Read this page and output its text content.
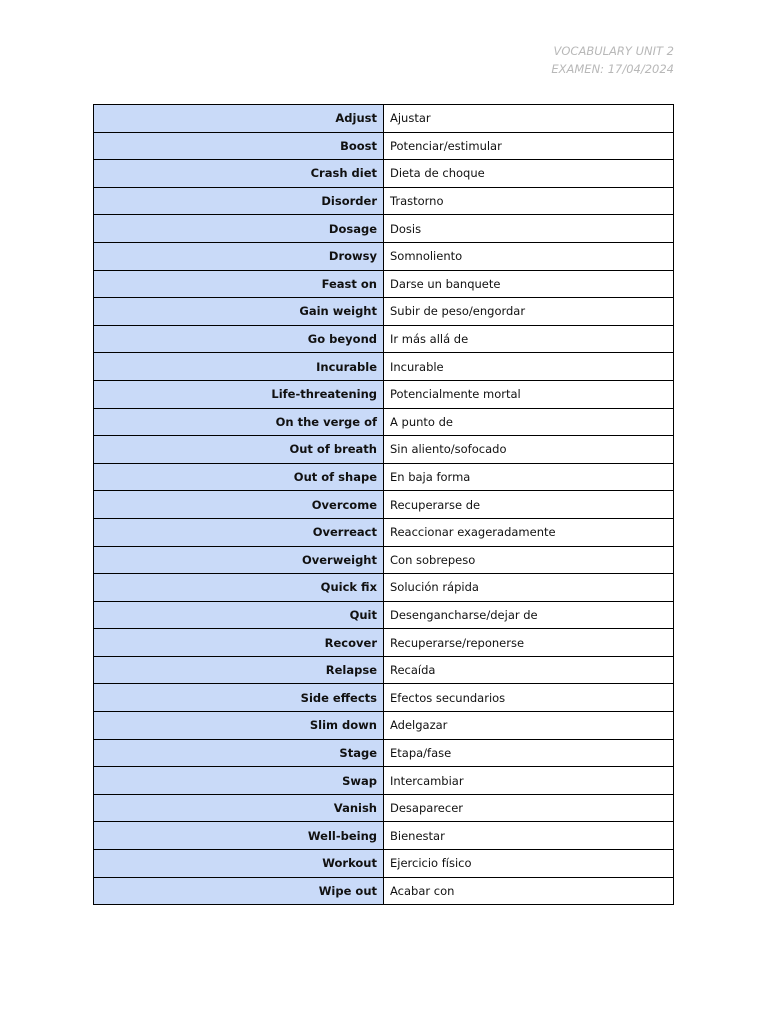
VOCABULARY UNIT 2
EXAMEN: 17/04/2024
Adjust	Ajustar
Boost	Potenciar/estimular
Crash diet	Dieta de choque
Disorder	Trastorno
Dosage	Dosis
Drowsy	Somnoliento
Feast on	Darse un banquete
Gain weight	Subir de peso/engordar
Go beyond	Ir más allá de
Incurable	Incurable
Life-threatening	Potencialmente mortal
On the verge of	A punto de
Out of breath	Sin aliento/sofocado
Out of shape	En baja forma
Overcome	Recuperarse de
Overreact	Reaccionar exageradamente
Overweight	Con sobrepeso
Quick fix	Solución rápida
Quit	Desengancharse/dejar de
Recover	Recuperarse/reponerse
Relapse	Recaída
Side effects	Efectos secundarios
Slim down	Adelgazar
Stage	Etapa/fase
Swap	Intercambiar
Vanish	Desaparecer
Well-being	Bienestar
Workout	Ejercicio físico
Wipe out	Acabar con
